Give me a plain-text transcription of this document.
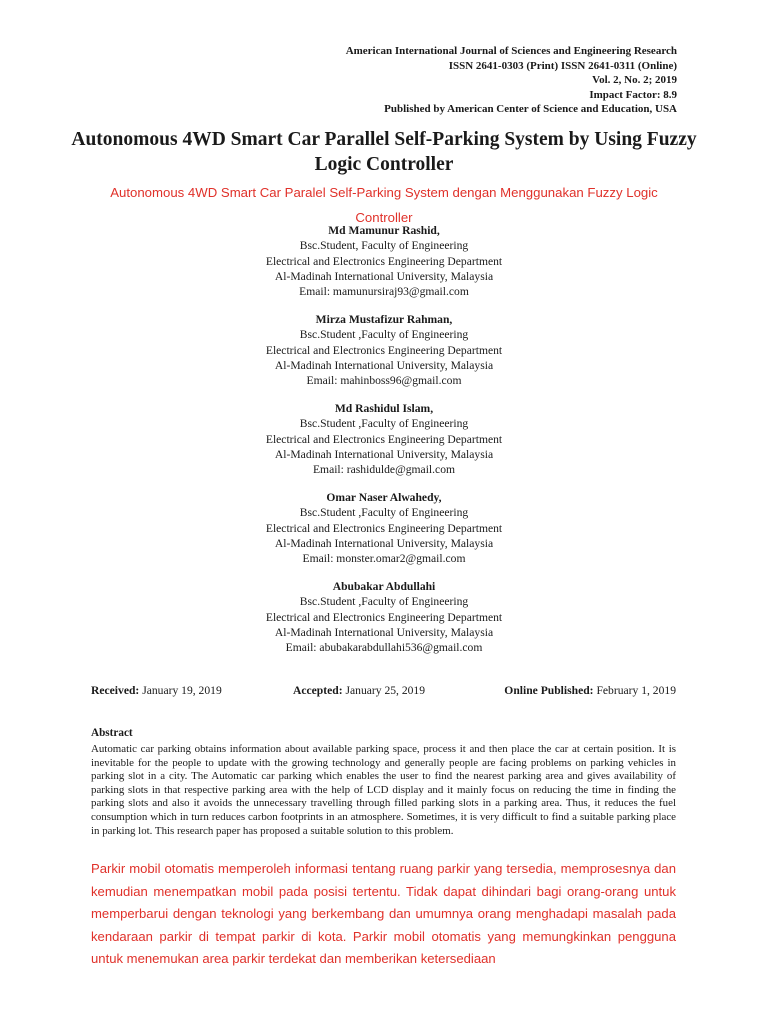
American International Journal of Sciences and Engineering Research
ISSN 2641-0303 (Print) ISSN 2641-0311 (Online)
Vol. 2, No. 2; 2019
Impact Factor: 8.9
Published by American Center of Science and Education, USA
Autonomous 4WD Smart Car Parallel Self-Parking System by Using Fuzzy Logic Controller

Autonomous 4WD Smart Car Paralel Self-Parking System dengan Menggunakan Fuzzy Logic Controller

Md Mamunur Rashid,
Bsc.Student, Faculty of Engineering
Electrical and Electronics Engineering Department
Al-Madinah International University, Malaysia
Email: mamunursiraj93@gmail.com
Mirza Mustafizur Rahman,
Bsc.Student ,Faculty of Engineering
Electrical and Electronics Engineering Department
Al-Madinah International University, Malaysia
Email: mahinboss96@gmail.com
Md Rashidul Islam,
Bsc.Student ,Faculty of Engineering
Electrical and Electronics Engineering Department
Al-Madinah International University, Malaysia
Email: rashidulde@gmail.com
Omar Naser Alwahedy,
Bsc.Student ,Faculty of Engineering
Electrical and Electronics Engineering Department
Al-Madinah International University, Malaysia
Email: monster.omar2@gmail.com
Abubakar Abdullahi
Bsc.Student ,Faculty of Engineering
Electrical and Electronics Engineering Department
Al-Madinah International University, Malaysia
Email: abubakarabdullahi536@gmail.com
Received: January 19, 2019	Accepted: January 25, 2019	Online Published: February 1, 2019
Abstract

Automatic car parking obtains information about available parking space, process it and then place the car at certain position. It is inevitable for the people to update with the growing technology and generally people are facing problems on parking vehicles in parking slot in a city. The Automatic car parking which enables the user to find the nearest parking area and gives availability of parking slots in that respective parking area with the help of LCD display and it mainly focus on reducing the time in finding the parking slots and also it avoids the unnecessary travelling through filled parking slots in a parking area. Thus, it reduces the fuel consumption which in turn reduces carbon footprints in an atmosphere. Sometimes, it is very difficult to find a suitable parking place in parking lot. This research paper has proposed a suitable solution to this problem.

Parkir mobil otomatis memperoleh informasi tentang ruang parkir yang tersedia, memprosesnya dan kemudian menempatkan mobil pada posisi tertentu. Tidak dapat dihindari bagi orang-orang untuk memperbarui dengan teknologi yang berkembang dan umumnya orang menghadapi masalah pada kendaraan parkir di tempat parkir di kota. Parkir mobil otomatis yang memungkinkan pengguna untuk menemukan area parkir terdekat dan memberikan ketersediaan
